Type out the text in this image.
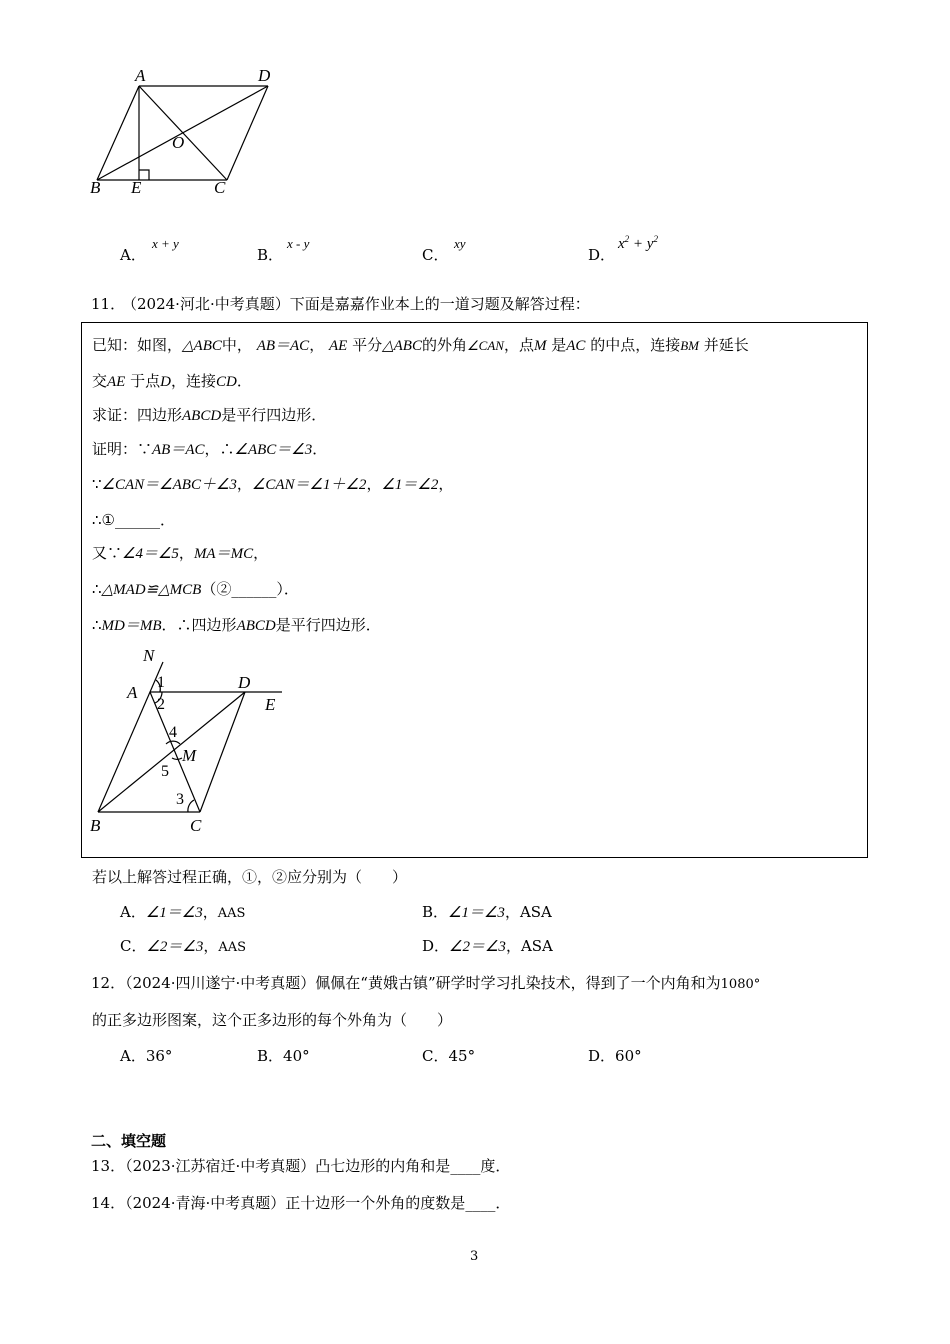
A	D
O
B E	C
A．
x + y
B．
x - y
C．
xy
D．
$x^2 + y^2$
11．
（2024·河北·中考真题）下面是嘉嘉作业本上的一道习题及解答过程：
已知：如图，△ABC中， AB＝AC， AE 平分△ABC的外角∠CAN，点M 是AC 的中点，连接BM 并延长
交AE 于点D，连接CD．
求证：四边形ABCD是平行四边形．
证明：∵AB＝AC，∴∠ABC＝∠3．
∵∠CAN＝∠ABC＋∠3，∠CAN＝∠1＋∠2，∠1＝∠2，
∴①______．
又∵∠4＝∠5，MA＝MC，
∴△MAD≌△MCB（②______）．
∴MD＝MB．∴四边形ABCD是平行四边形．
N
A
D
E
M
B	C
1
2
3
4
5
若以上解答过程正确，①，②应分别为（　　）
A．∠1＝∠3，AAS	B．∠1＝∠3，ASA
C．∠2＝∠3，AAS	D．∠2＝∠3，ASA
12．（2024·四川遂宁·中考真题）佩佩在“黄娥古镇”研学时学习扎染技术，得到了一个内角和为1080°
的正多边形图案，这个正多边形的每个外角为（　　）
A．36°	B．40°	C．45°	D．60°
二、填空题
13．（2023·江苏宿迁·中考真题）凸七边形的内角和是____度．
14．（2024·青海·中考真题）正十边形一个外角的度数是____．
3
